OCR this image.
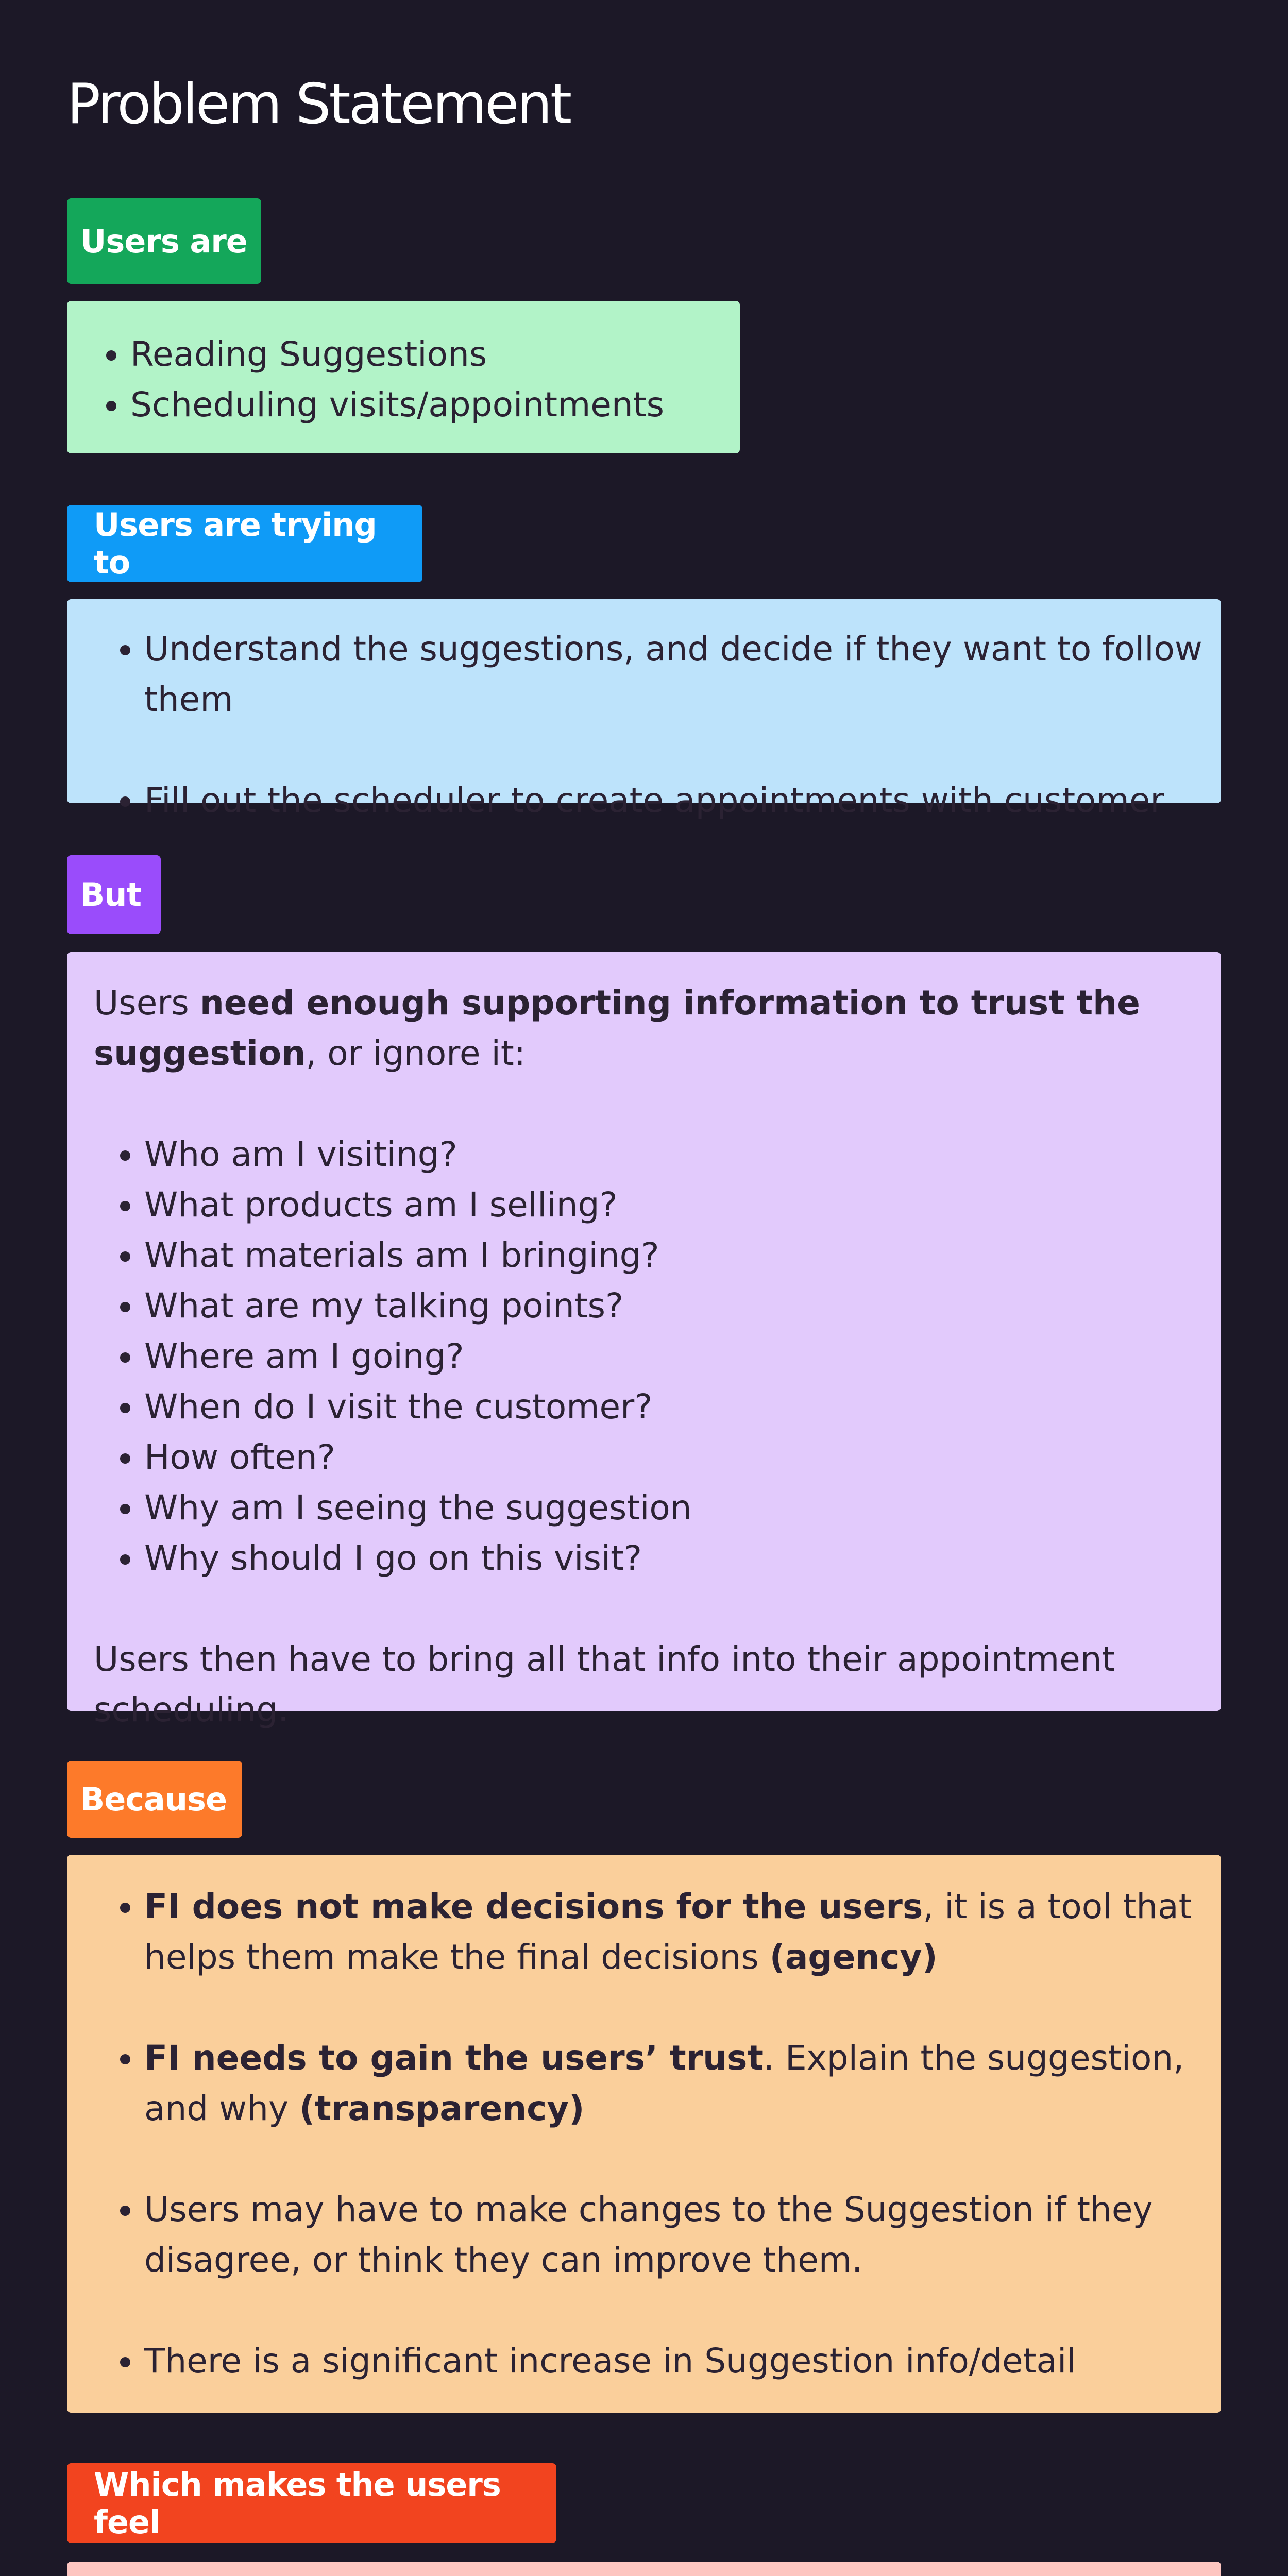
Problem Statement
Users are
• Reading Suggestions
• Scheduling visits/appointments
Users are trying to
• Understand the suggestions, and decide if they want to follow them
• Fill out the scheduler to create appointments with customer
But

Users need enough supporting information to trust the suggestion, or ignore it:

• Who am I visiting?
• What products am I selling?
• What materials am I bringing?
• What are my talking points?
• Where am I going?
• When do I visit the customer?
• How often?
• Why am I seeing the suggestion
• Why should I go on this visit?

Users then have to bring all that info into their appointment scheduling.

Because
• FI does not make decisions for the users, it is a tool that helps them make the final decisions (agency)
• FI needs to gain the users’ trust. Explain the suggestion, and why (transparency)
• Users may have to make changes to the Suggestion if they disagree, or think they can improve them.
• There is a significant increase in Suggestion info/detail
Which makes the users feel
